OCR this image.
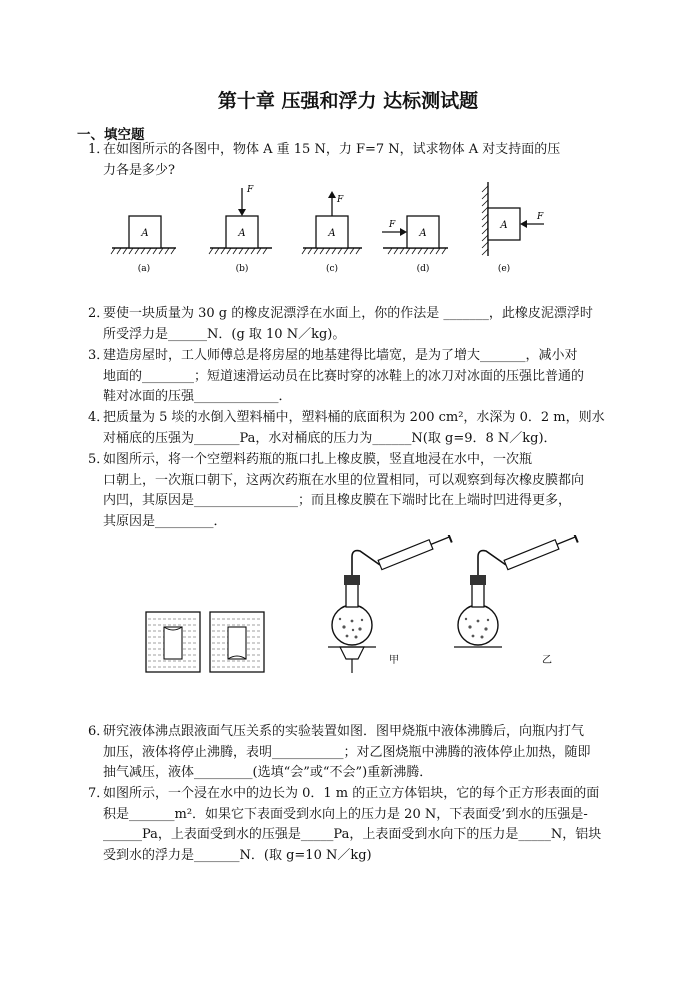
第十章 压强和浮力 达标测试题
一、填空题
1．
在如图所示的各图中，物体 A 重 15 N，力 F=7 N，试求物体 A 对支持面的压
力各是多少?
A
(a)
A
F
(b)
A
F
(c)
A
F
(d)
A
F
(e)
2．
要使一块质量为 30 g 的橡皮泥漂浮在水面上，你的作法是 _______，此橡皮泥漂浮时
所受浮力是______N．(g 取 10 N／kg)。
3．
建造房屋时，工人师傅总是将房屋的地基建得比墙宽，是为了增大_______，减小对
地面的________；短道速滑运动员在比赛时穿的冰鞋上的冰刀对冰面的压强比普通的
鞋对冰面的压强_____________．
4．
把质量为 5 埮的水倒入塑料桶中，塑料桶的底面积为 200 cm²，水深为 0．2 m，则水
对桶底的压强为_______Pa，水对桶底的压力为______N(取 g=9．8 N／kg)．
5．
如图所示，将一个空塑料药瓶的瓶口扎上橡皮膜，竖直地浸在水中，一次瓶
口朝上，一次瓶口朝下，这两次药瓶在水里的位置相同，可以观察到每次橡皮膜都向
内凹，其原因是________________；而且橡皮膜在下端时比在上端时凹进得更多，
其原因是_________．
甲	乙
6．
研究液体沸点跟液面气压关系的实验装置如图．图甲烧瓶中液体沸腾后，向瓶内打气
加压，液体将停止沸腾，表明___________；对乙图烧瓶中沸腾的液体停止加热，随即
抽气减压，液体_________(选填“会”或“不会”)重新沸腾．
7．
如图所示，一个浸在水中的边长为 0．1 m 的正立方体铝块，它的每个正方形表面的面
积是_______m²．如果它下表面受到水向上的压力是 20 N，下表面受’到水的压强是-
______Pa，上表面受到水的压强是_____Pa，上表面受到水向下的压力是_____N，铝块
受到水的浮力是_______N．(取 g=10 N／kg)
